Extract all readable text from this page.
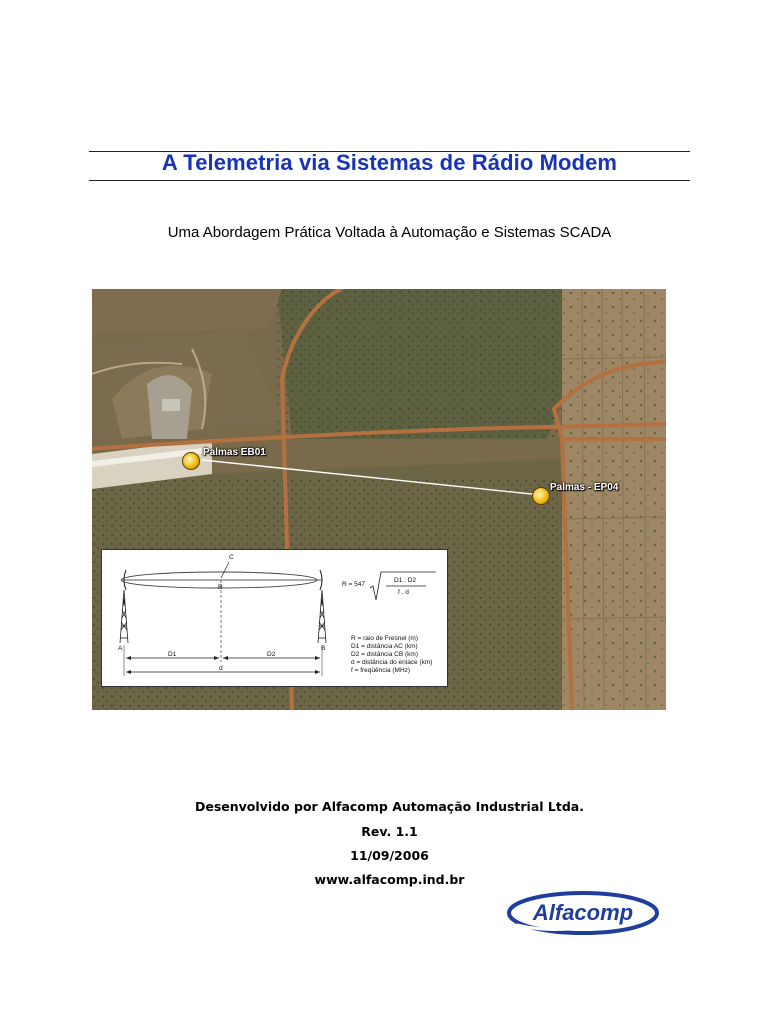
A Telemetria via Sistemas de Rádio Modem
Uma Abordagem Prática Voltada à Automação e Sistemas SCADA
Palmas EB01
Palmas - EP04
C
R
A	B
D1	D2
d
R = 547
D1 . D2
f . d
R = raio de Fresnel (m)
D1 = distância AC (km)
D2 = distância CB (km)
d = distância do enlace (km)
f = freqüência (MHz)
Desenvolvido por Alfacomp Automação Industrial Ltda.
Rev. 1.1
11/09/2006
www.alfacomp.ind.br
Alfacomp
